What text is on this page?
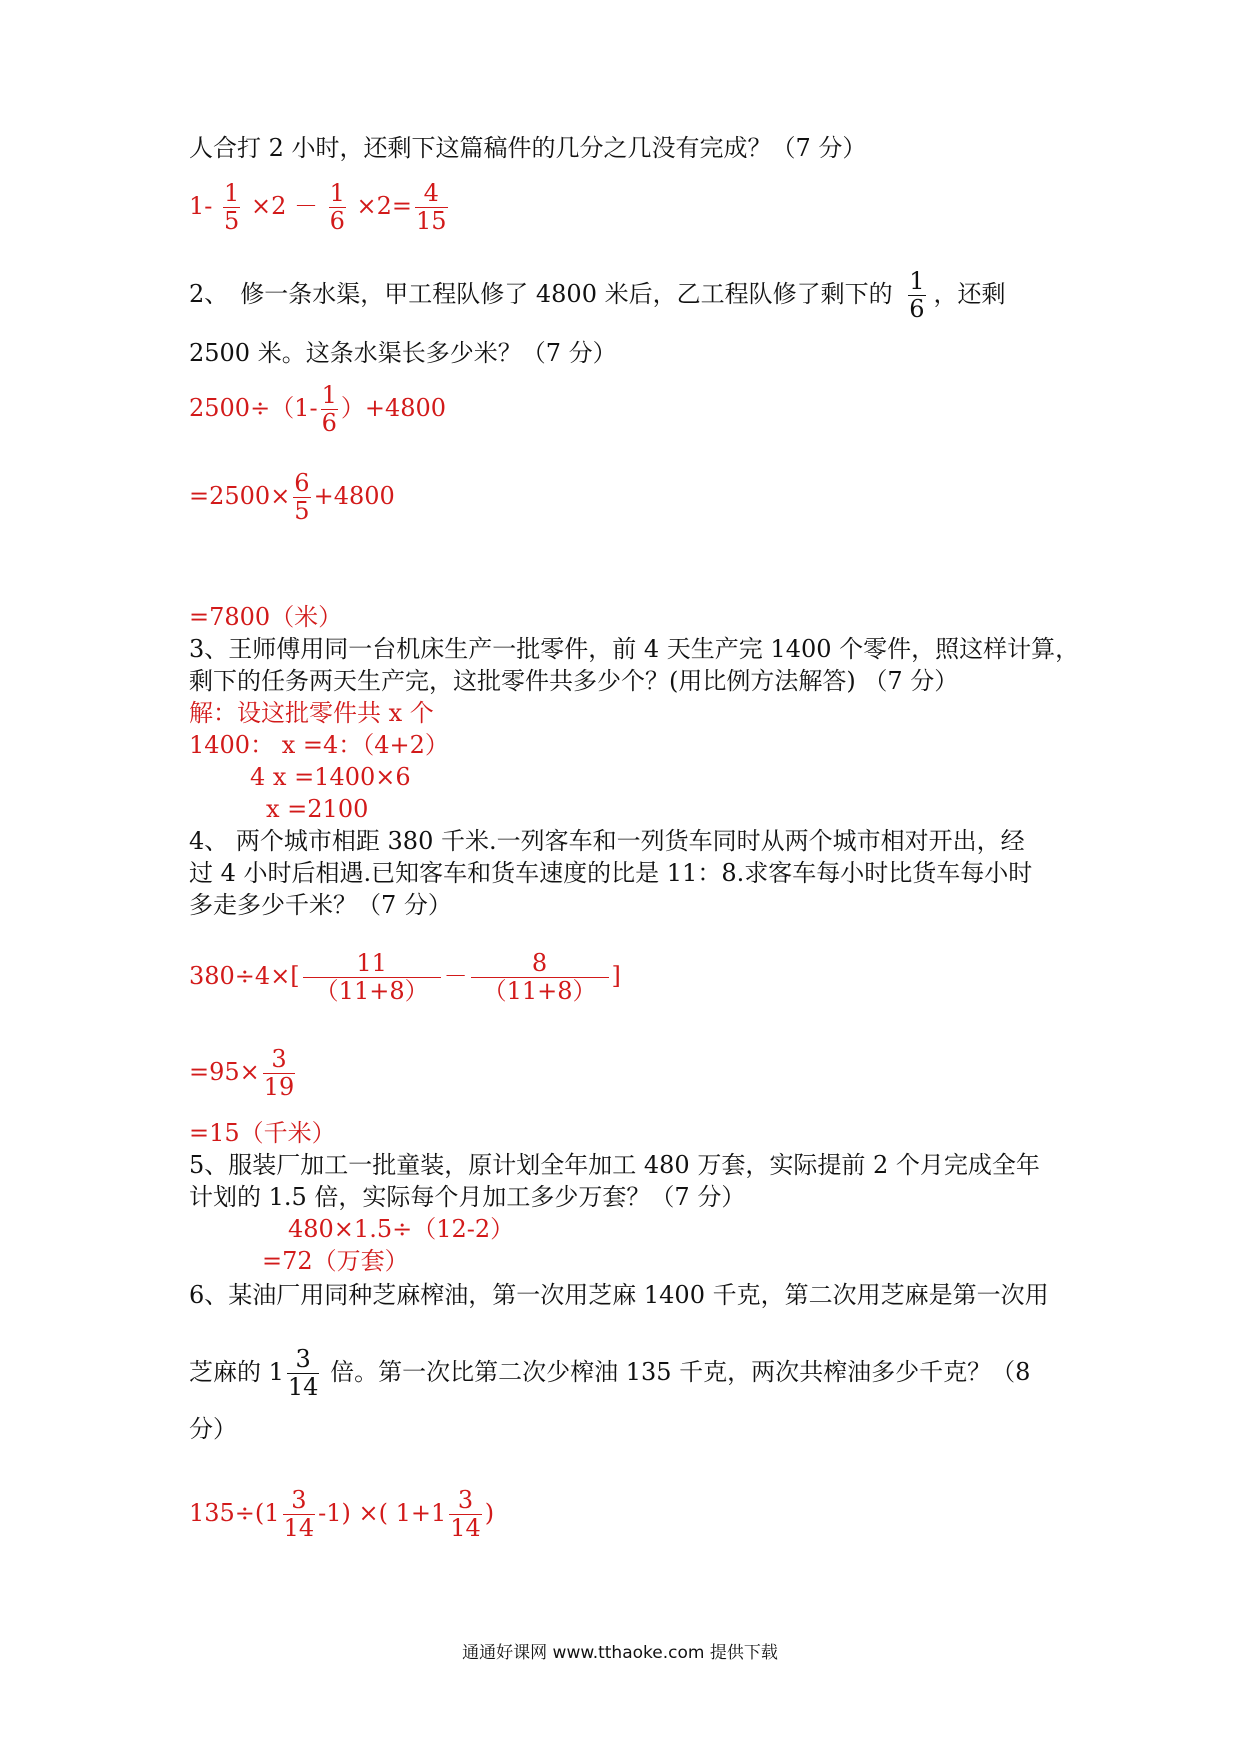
人合打 2 小时，还剩下这篇稿件的几分之几没有完成？（7 分）
$1- \frac{1}{5} \times 2 - \frac{1}{6} \times 2= \frac{4}{15}$
2、　修一条水渠，甲工程队修了 4800 米后，乙工程队修了剩下的 $\frac{1}{6}$ ，还剩
2500 米。这条水渠长多少米？（7 分）
$2500\div(1- \frac{1}{6} )+4800$
$=2500\times \frac{6}{5} +4800$
=7800（米）
3、王师傅用同一台机床生产一批零件，前 4 天生产完 1400 个零件，照这样计算，
剩下的任务两天生产完，这批零件共多少个？(用比例方法解答) （7 分）
解：设这批零件共 x 个
1400： x =4：（4+2）
4 x =1400×6
x =2100
4、 两个城市相距 380 千米.一列客车和一列货车同时从两个城市相对开出，经
过 4 小时后相遇.已知客车和货车速度的比是 11：8.求客车每小时比货车每小时
多走多少千米？（7 分）
$380\div 4\times[ \frac{11}{(11+8)} - \frac{8}{(11+8)}$ ]
$=95\times \frac{3}{19}$
=15（千米）
5、服装厂加工一批童装，原计划全年加工 480 万套，实际提前 2 个月完成全年
计划的 1.5 倍，实际每个月加工多少万套？（7 分）
480×1.5÷（12-2）
=72（万套）
6、某油厂用同种芝麻榨油，第一次用芝麻 1400 千克，第二次用芝麻是第一次用
芝麻的 $1 \frac{3}{14}$ 倍。第一次比第二次少榨油 135 千克，两次共榨油多少千克？（8
分）
$135\div(1 \frac{3}{14} -1)$ ×( $1+1 \frac{3}{14}$ )
通通好课网 www.tthaoke.com 提供下载
